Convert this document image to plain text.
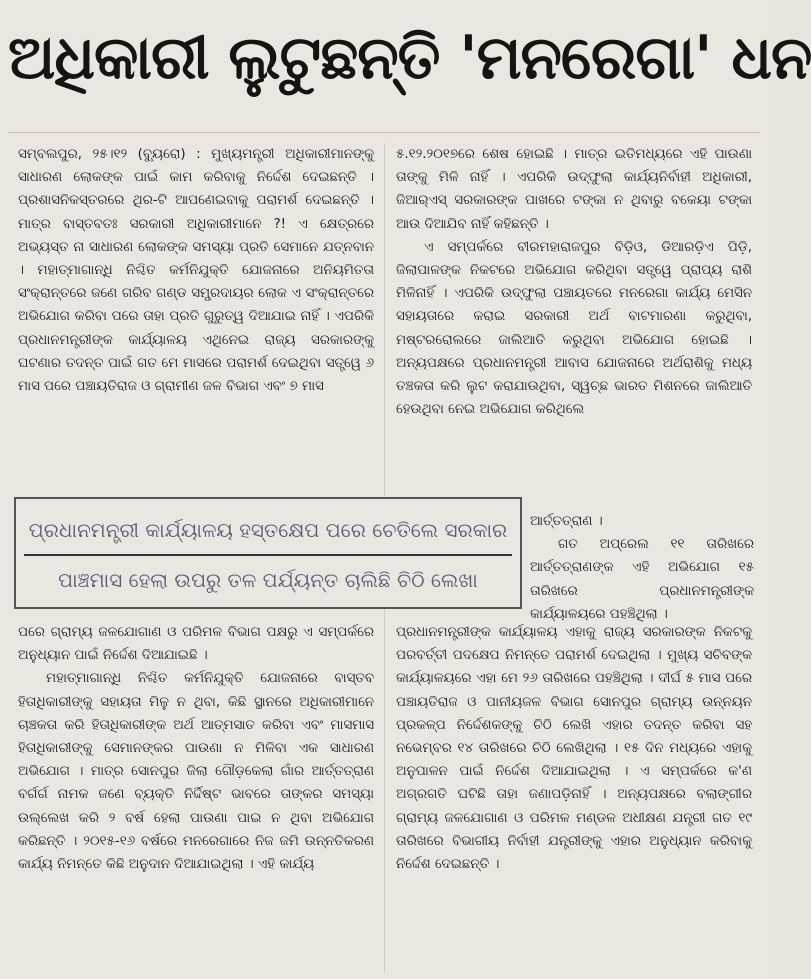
ଅଧିକାରୀ ଲୁଟୁଛନ୍ତି 'ମନରେଗା' ଧନ

ସମ୍ବଲପୁର, ୨୫।୧୨ (ବ୍ୟୁରୋ) : ମୁଖ୍ୟମନ୍ତ୍ରୀ ଅଧିକାରୀମାନଙ୍କୁ ସାଧାରଣ ଲୋକଙ୍କ ପାଇଁ କାମ କରିବାକୁ ନିର୍ଦ୍ଦେଶ ଦେଇଛନ୍ତି । ପ୍ରଶାସନିକସ୍ତରରେ ଥିର-ଟି ଆପଣେଇବାକୁ ପରାମର୍ଶ ଦେଇଛନ୍ତି । ମାତ୍ର ବାସ୍ତବତଃ ସରକାରୀ ଅଧିକାରୀମାନେ ?! ଏ କ୍ଷେତ୍ରରେ ଅଭ୍ୟସ୍ତ ନା ସାଧାରଣ ଲୋକଙ୍କ ସମସ୍ୟା ପ୍ରତି ସେମାନେ ଯତ୍ନବାନ । ମହାତ୍ମାଗାନ୍ଧି ନିଶ୍ଚିତ କର୍ମନିଯୁକ୍ତି ଯୋଜନାରେ ଅନିୟମିତତା ସଂକ୍ରାନ୍ତରେ ଜଣେ ଗରିବ ଗଣ୍ଡ ସମ୍ପ୍ରଦାୟର ଲୋକ ଏ ସଂକ୍ରାନ୍ତରେ ଅଭିଯୋଗ କରିବା ପରେ ତାହା ପ୍ରତି ଗୁରୁତ୍ୱ ଦିଆଯାଇ ନାହିଁ । ଏପରିକି ପ୍ରଧାନମନ୍ତ୍ରୀଙ୍କ କାର୍ଯ୍ୟାଳୟ ଏଥିନେଇ ରାଜ୍ୟ ସରକାରଙ୍କୁ ଘଟଣାର ତଦନ୍ତ ପାଇଁ ଗତ ମେ ମାସରେ ପରାମର୍ଶ ଦେଇଥିବା ସତ୍ତ୍ୱେ ୬ ମାସ ପରେ ପଞ୍ଚାୟତିରାଜ ଓ ଗ୍ରାମୀଣ ଜଳ ବିଭାଗ ଏବଂ ୭ ମାସ

ପ୍ରଧାନମନ୍ତ୍ରୀ କାର୍ଯ୍ୟାଳୟ ହସ୍ତକ୍ଷେପ ପରେ ଚେତିଲେ ସରକାର
ପାଞ୍ଚମାସ ହେଲା ଉପରୁ ତଳ ପର୍ଯ୍ୟନ୍ତ ଚାଲିଛି ଚିଠି ଲେଖା

ପରେ ଗ୍ରାମ୍ୟ ଜଳଯୋଗାଣ ଓ ପରିମଳ ବିଭାଗ ପକ୍ଷରୁ ଏ ସମ୍ପର୍କରେ ଅନୁଧ୍ୟାନ ପାଇଁ ନିର୍ଦ୍ଦେଶ ଦିଆଯାଇଛି ।

ମହାତ୍ମାଗାନ୍ଧି ନିଶ୍ଚିତ କର୍ମନିଯୁକ୍ତି ଯୋଜନାରେ ବାସ୍ତବ ହିତାଧିକାରୀଙ୍କୁ ସହାୟତା ମିଳୁ ନ ଥିବା, କିଛି ସ୍ଥାନରେ ଅଧିକାରୀମାନେ ଚାଞ୍ଚକତା କରି ହିତାଧିକାରୀଙ୍କ ଅର୍ଥ ଆତ୍ମସାତ କରିବା ଏବଂ ମାସମାସ ହିତାଧିକାରୀଙ୍କୁ ସେମାନଙ୍କର ପାଉଣା ନ ମିଳିବା ଏକ ସାଧାରଣ ଅଭିଯୋଗ । ମାତ୍ର ସୋନପୁର ଜିଲା ଗୌଡ଼କେଲା ଗାଁର ଆର୍ତ୍ତତ୍ରାଣ ବର୍ଗର୍ଗ ନାମକ ଜଣେ ବ୍ୟକ୍ତି ନିର୍ଦ୍ଦିଷ୍ଟ ଭାବରେ ତାଙ୍କର ସମସ୍ୟା ଉଲ୍ଲେଖ କରି ୨ ବର୍ଷ ହେଲା ପାଉଣା ପାଇ ନ ଥିବା ଅଭିଯୋଗ କରିଛନ୍ତି । ୨୦୧୫-୧୬ ବର୍ଷରେ ମନରେଗାରେ ନିଜ ଜମି ଉନ୍ନତିକରଣ କାର୍ଯ୍ୟ ନିମନ୍ତେ କିଛି ଅନୁଦାନ ଦିଆଯାଇଥିଲା । ଏହି କାର୍ଯ୍ୟ

୫.୧୨.୨୦୧୭ରେ ଶେଷ ହୋଇଛି । ମାତ୍ର ଇତିମଧ୍ୟରେ ଏହି ପାଉଣା ତାଙ୍କୁ ମିଳି ନାହିଁ । ଏପରିକି ଉଦ୍ଫୁଲା କାର୍ଯ୍ୟନିର୍ବାହୀ ଅଧିକାରୀ, ଜିଆର୍‌ଏସ୍ ସରକାରଙ୍କ ପାଖରେ ଟଙ୍କା ନ ଥିବାରୁ ବକେୟା ଟଙ୍କା ଆଉ ଦିଆଯିବ ନାହିଁ କହିଛନ୍ତି ।

ଏ ସମ୍ପର୍କରେ ବୀରମହାରାଜପୁର ବିଡ଼ିଓ, ଡିଆରଡ଼ିଏ ପିଡ଼ି, ଜିଲାପାଳଙ୍କ ନିକଟରେ ଅଭିଯୋଗ କରିଥିବା ସତ୍ତ୍ୱେ ପ୍ରାପ୍ୟ ରାଶି ମିଳିନାହିଁ । ଏପରିକି ଉଦ୍ଫୁଲା ପଞ୍ଚାୟତରେ ମନରେଗା କାର୍ଯ୍ୟ ମେସିନ ସହାୟତାରେ କରାଇ ସରକାରୀ ଅର୍ଥ ବାଟମାରଣା କରୁଥିବା, ମଷ୍ଟରରୋଲରେ ଜାଲିଆତି କରୁଥିବା ଅଭିଯୋଗ ହୋଇଛି । ଅନ୍ୟପକ୍ଷରେ ପ୍ରଧାନମନ୍ତ୍ରୀ ଆବାସ ଯୋଜନାରେ ଅର୍ଥରାଶିକୁ ମଧ୍ୟ ତଞ୍ଚକତା କରି ଲୁଟ କରାଯାଉଥିବା, ସ୍ୱଚ୍ଛ ଭାରତ ମିଶନରେ ଜାଲିଆତି ହେଉଥିବା ନେଇ ଅଭିଯୋଗ କରିଥିଲେ

ଆର୍ତ୍ତତ୍ରାଣ ।

ଗତ ଅପ୍ରେଲ ୧୧ ତାରିଖରେ ଆର୍ତ୍ତତ୍ରାଣଙ୍କ ଏହି ଅଭିଯୋଗ ୧୫ ତାରିଖରେ ପ୍ରଧାନମନ୍ତ୍ରୀଙ୍କ କାର୍ଯ୍ୟାଳୟରେ ପହଞ୍ଚିଥିଲା ।

ପ୍ରଧାନମନ୍ତ୍ରୀଙ୍କ କାର୍ଯ୍ୟାଳୟ ଏହାକୁ ରାଜ୍ୟ ସରକାରଙ୍କ ନିକଟକୁ ପରବର୍ତ୍ତୀ ପଦକ୍ଷେପ ନିମନ୍ତେ ପରାମର୍ଶ ଦେଇଥିଲା । ମୁଖ୍ୟ ସଚିବଙ୍କ କାର୍ଯ୍ୟାଳୟରେ ଏହା ମେ ୨୬ ତାରିଖରେ ପହଞ୍ଚିଥିଲା । ଦୀର୍ଘ ୫ ମାସ ପରେ ପଞ୍ଚାୟତିରାଜ ଓ ପାନୀୟଜଳ ବିଭାଗ ସୋନପୁର ଗ୍ରାମ୍ୟ ଉନ୍ନୟନ ପ୍ରକଳ୍ପ ନିର୍ଦ୍ଦେଶକଙ୍କୁ ଚିଠି ଲେଖି ଏହାର ତଦନ୍ତ କରିବା ସହ ନଭେମ୍ବର ୧୪ ତାରିଖରେ ଚିଠି ଲେଖିଥିଲା । ୧୫ ଦିନ ମଧ୍ୟରେ ଏହାକୁ ଅନୁପାଳନ ପାଇଁ ନିର୍ଦ୍ଦେଶ ଦିଆଯାଇଥିଲା । ଏ ସମ୍ପର୍କରେ କ'ଣ ଅଗ୍ରଗତି ଘଟିଛି ତାହା ଜଣାପଡ଼ିନାହିଁ । ଅନ୍ୟପକ୍ଷରେ ବଲାଙ୍ଗୀର ଗ୍ରାମ୍ୟ ଜଳଯୋଗାଣ ଓ ପରିମଳ ମଣ୍ଡଳ ଅଧୀକ୍ଷଣ ଯନ୍ତ୍ରୀ ଗତ ୧୯ ତାରିଖରେ ବିଭାଗୀୟ ନିର୍ବାହୀ ଯନ୍ତ୍ରୀଙ୍କୁ ଏହାର ଅନୁଧ୍ୟାନ କରିବାକୁ ନିର୍ଦ୍ଦେଶ ଦେଇଛନ୍ତି ।
